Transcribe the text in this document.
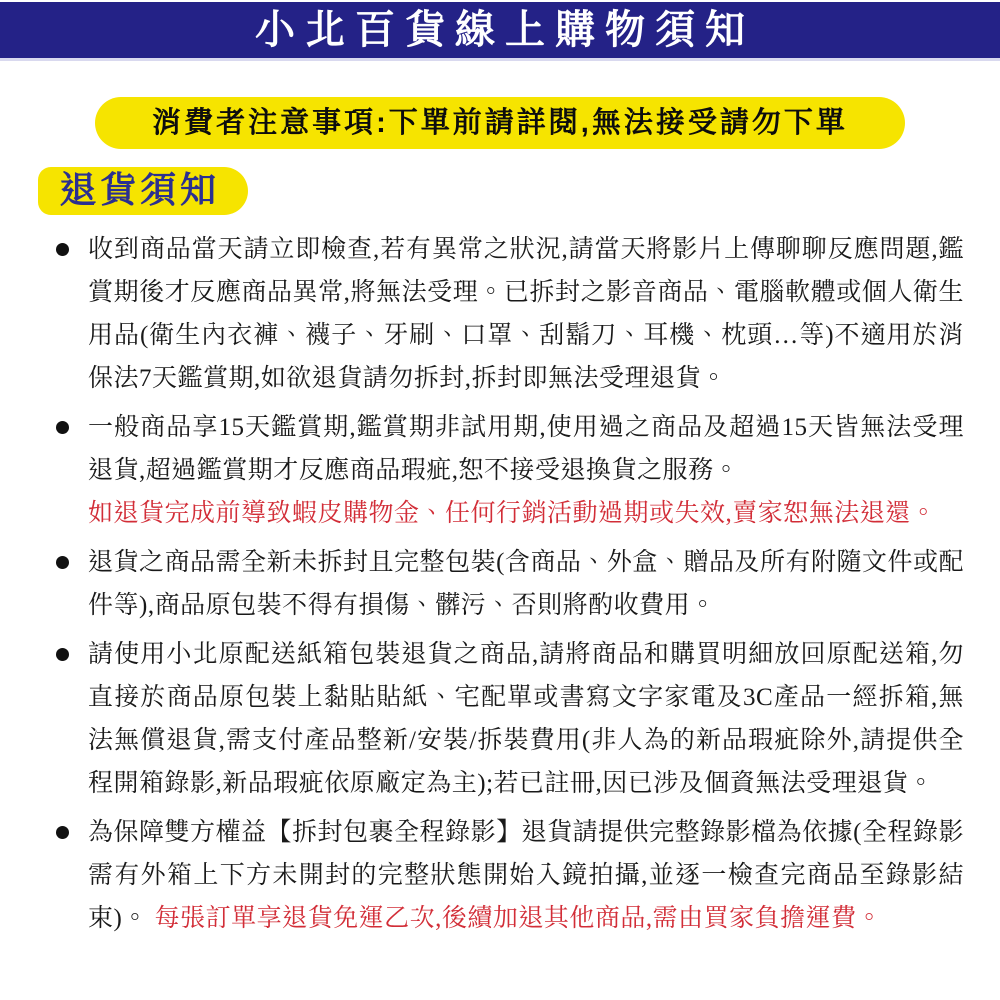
小北百貨線上購物須知
消費者注意事項:下單前請詳閱,無法接受請勿下單
退貨須知
收到商品當天請立即檢查,若有異常之狀況,請當天將影片上傳聊聊反應問題,鑑賞期後才反應商品異常,將無法受理。已拆封之影音商品、電腦軟體或個人衛生用品(衛生內衣褲、襪子、牙刷、口罩、刮鬍刀、耳機、枕頭…等)不適用於消保法7天鑑賞期,如欲退貨請勿拆封,拆封即無法受理退貨。
一般商品享15天鑑賞期,鑑賞期非試用期,使用過之商品及超過15天皆無法受理退貨,超過鑑賞期才反應商品瑕疵,恕不接受退換貨之服務。
如退貨完成前導致蝦皮購物金、任何行銷活動過期或失效,賣家恕無法退還。
退貨之商品需全新未拆封且完整包裝(含商品、外盒、贈品及所有附隨文件或配件等),商品原包裝不得有損傷、髒污、否則將酌收費用。
請使用小北原配送紙箱包裝退貨之商品,請將商品和購買明細放回原配送箱,勿直接於商品原包裝上黏貼貼紙、宅配單或書寫文字家電及3C產品一經拆箱,無法無償退貨,需支付產品整新/安裝/拆裝費用(非人為的新品瑕疵除外,請提供全程開箱錄影,新品瑕疵依原廠定為主);若已註冊,因已涉及個資無法受理退貨。
為保障雙方權益【拆封包裹全程錄影】退貨請提供完整錄影檔為依據(全程錄影需有外箱上下方未開封的完整狀態開始入鏡拍攝,並逐一檢查完商品至錄影結束)。 每張訂單享退貨免運乙次,後續加退其他商品,需由買家負擔運費。
